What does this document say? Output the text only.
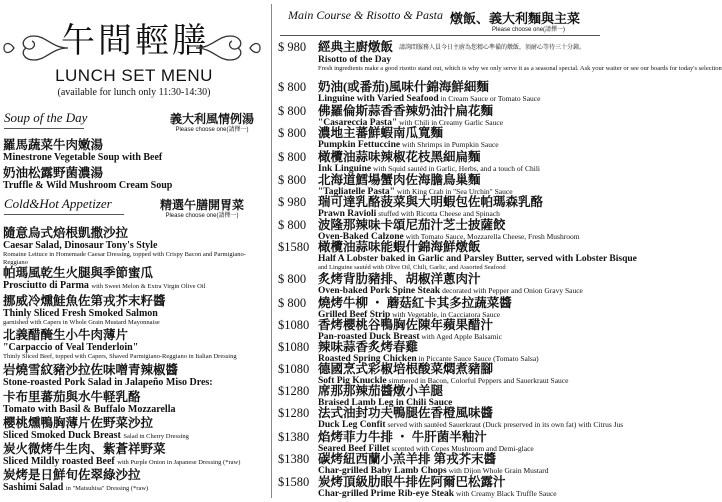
午間輕膳
LUNCH SET MENU
(available for lunch only 11:30-14:30)
Soup of the Day	義大利風情例湯
Please choose one(請擇一)
羅馬蔬菜牛肉嫩湯
Minestrone Vegetable Soup with Beef
奶油松露野菌濃湯
Truffle & Wild Mushroom Cream Soup
Cold&Hot Appetizer	精選午膳開胃菜
Please choose one(請擇一)
隨意烏式焙根凱撒沙拉
Caesar Salad, Dinosaur Tony's Style
Romaine Lettuce in Homemade Caesar Dressing, topped with Crispy Bacon and Parmigiano-Reggiano
帕瑪風乾生火腿與季節蜜瓜
Prosciutto di Parma with Sweet Melon & Extra Virgin Olive Oil
挪威冷燻鮭魚佐第戎芥末籽醬
Thinly Sliced Fresh Smoked Salmon
garnished with Capers in Whole Grain Mustard Mayonnaise
北義醋醃生小牛肉薄片
"Carpaccio of Veal Tenderloin"
Thinly Sliced Beef, topped with Capers, Shaved Parmigiano-Reggiano in Italian Dressing
岩燒雪紋豬沙拉佐味噌青辣椒醬
Stone-roasted Pork Salad in Jalapeño Miso Dres:
卡布里蕃茄與水牛軽乳酪
Tomato with Basil & Buffalo Mozzarella
櫻桃燻鴨胸薄片佐野菜沙拉
Sliced Smoked Duck Breast Salad in Cherry Dressing
炭火微烤牛生肉、紫蒼祥野菜
Sliced Mildly roasted Beef with Purple Onion in Japanese Dressing (*raw)
炭烤是日鮮旬佐翠綠沙拉
Sashimi Salad in "Matsuhisa" Dressing (*raw)
Main Course & Risotto & Pasta 燉飯、義大利麵與主菜
Please choose one(請擇一)
$ 980 經典主廚燉飯 請詢問服務人員今日主廚為您精心準備的燉飯，須耐心等待三十分鐘。
Risotto of the Day
Fresh ingredients make a good risotto stand out, which is why we only serve it as a seasonal special. Ask your waiter or see our boards for today's selection
$ 800 奶油(或番茄)風味什錦海鮮細麵
Linguine with Varied Seafood in Cream Sauce or Tomato Sauce
$ 800 佛羅倫斯蒜香香辣奶油汁扁花麵
"Casareccia Pasta" with Chili in Creamy Garlic Sauce
$ 800 濃地主蕃鮮蝦南瓜寬麵
Pumpkin Fettuccine with Shrimps in Pumpkin Sauce
$ 800 橄欖油蒜味辣椒花枝黑細扁麵
Ink Linguine with Squid sautéd in Garlic, Herbs, and a touch of Chili
$ 800 北海道鱈場蟹肉佐海膽鳥巢麵
"Tagliatelle Pasta" with King Crab in "Sea Urchin" Sauce
$ 980 瑞可達乳酪菠菜與大明蝦包佐帕瑪森乳酪
Prawn Ravioli stuffed with Ricotta Cheese and Spinach
$ 800 波隆那辣味卡頌尼茄汁芝士披薩餃
Oven-Baked Calzone with Tomato Sauce, Mozzarella Cheese, Fresh Mushroom
$1580 橄欖油蒜味能蝦什錦海鮮燉飯
Half A Lobster baked in Garlic and Parsley Butter, served with Lobster Bisque
and Linguine sautéd with Olive Oil, Chili, Garlic, and Assorted Seafood
$ 800 炙烤背肋豬排、胡椒洋蔥肉汁
Oven-baked Pork Spine Steak decorated with Pepper and Onion Gravy Sauce
$ 800 燒烤牛柳 ・ 蘑菇紅卡其多拉蔬菜醬
Grilled Beef Strip with Vegetable, in Cacciatora Sauce
$1080 香烤櫻桃谷鴨胸佐陳年蘋果醋汁
Pan-roasted Duck Breast with Aged Apple Balsamic
$1080 辣味蒜香炙烤春雞
Roasted Spring Chicken in Piccante Sauce Sauce (Tomato Salsa)
$1080 德國烹式彩椒培根酸菜燜煮豬腳
Soft Pig Knuckle simmered in Bacon, Colorful Peppers and Sauerkraut Sauce
$1280 席那那辣茄醬燉小羊腿
Braised Lamb Leg in Chili Sauce
$1280 法式油封功夫鴨腿佐香橙風味醬
Duck Leg Confit served with sautéed Sauerkraut (Duck preserved in its own fat) with Citrus Jus
$1380 焰烤菲力牛排 ・ 牛肝菌半釉汁
Seared Beef Fillet scented with Cepes Mushroom and Demi-glace
$1380 碳烤紐西蘭小羔羊排 第戎芥末醬
Char-grilled Baby Lamb Chops with Dijon Whole Grain Mustard
$1580 炭烤頂級肋眼牛排佐阿爾巴松露汁
Char-grilled Prime Rib-eye Steak with Creamy Black Truffle Sauce
